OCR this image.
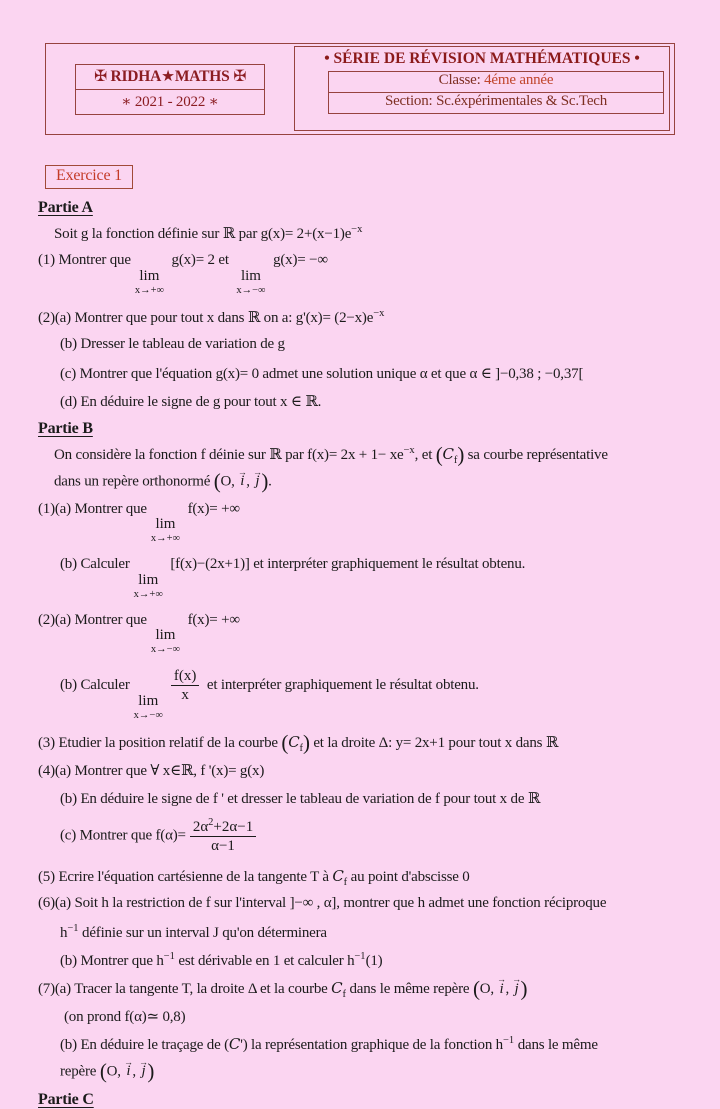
✠ RIDHA★MATHS ✠
∗ 2021 - 2022 ∗
• SÉRIE DE RÉVISION MATHÉMATIQUES •
Classe: 4éme année
Section: Sc.éxpérimentales & Sc.Tech
Exercice 1
Partie A
Soit g la fonction définie sur ℝ par $g(x)= 2+(x-1)e^{-x}$
(1) Montrer que
lim
x→+∞
g(x)= 2 et
lim
x→−∞
g(x)= −∞
(2)(a) Montrer que pour tout x dans ℝ on a: $g'(x)= (2-x)e^{-x}$
(b) Dresser le tableau de variation de g
(c) Montrer que l'équation g(x)= 0 admet une solution unique α et que α ∈ ]−0,38 ; −0,37[
(d) En déduire le signe de g pour tout x ∈ ℝ.
Partie B
On considère la fonction f déinie sur ℝ par $f(x)= 2x + 1- xe^{-x}$, et $(C_f)$ sa courbe représentative
dans un repère orthonormé (O, → i , → j).
(1)(a) Montrer que
lim
x→+∞
f(x)= +∞
(b) Calculer
lim
x→+∞
[f(x)−(2x+1)] et interpréter graphiquement le résultat obtenu.
(2)(a) Montrer que
lim
x→−∞
f(x)= +∞
(b) Calculer
lim
x→−∞
$\frac{f(x)}{x}$ et interpréter graphiquement le résultat obtenu.
(3) Etudier la position relatif de la courbe $(C_f)$ et la droite Δ: y= 2x+1 pour tout x dans ℝ
(4)(a) Montrer que ∀ x∈ℝ, f '(x)= g(x)
(b) En déduire le signe de f ' et dresser le tableau de variation de f pour tout x de ℝ
(c) Montrer que $f(\alpha)= \frac{2\alpha^2+2\alpha-1}{\alpha-1}$
(5) Ecrire l'équation cartésienne de la tangente T à $C_f$ au point d'abscisse 0
(6)(a) Soit h la restriction de f sur l'interval ]−∞ , α], montrer que h admet une fonction réciproque
$h^{-1}$ définie sur un interval J qu'on déterminera
(b) Montrer que $h^{-1}$ est dérivable en 1 et calculer $h^{-1}(1)$
(7)(a) Tracer la tangente T, la droite Δ et la courbe $C_f$ dans le même repère (O, → i , → j)
(on prond f(α)≃ 0,8)
(b) En déduire le traçage de (C') la représentation graphique de la fonction $h^{-1}$ dans le même
repère (O, → i , → j)
Partie C
